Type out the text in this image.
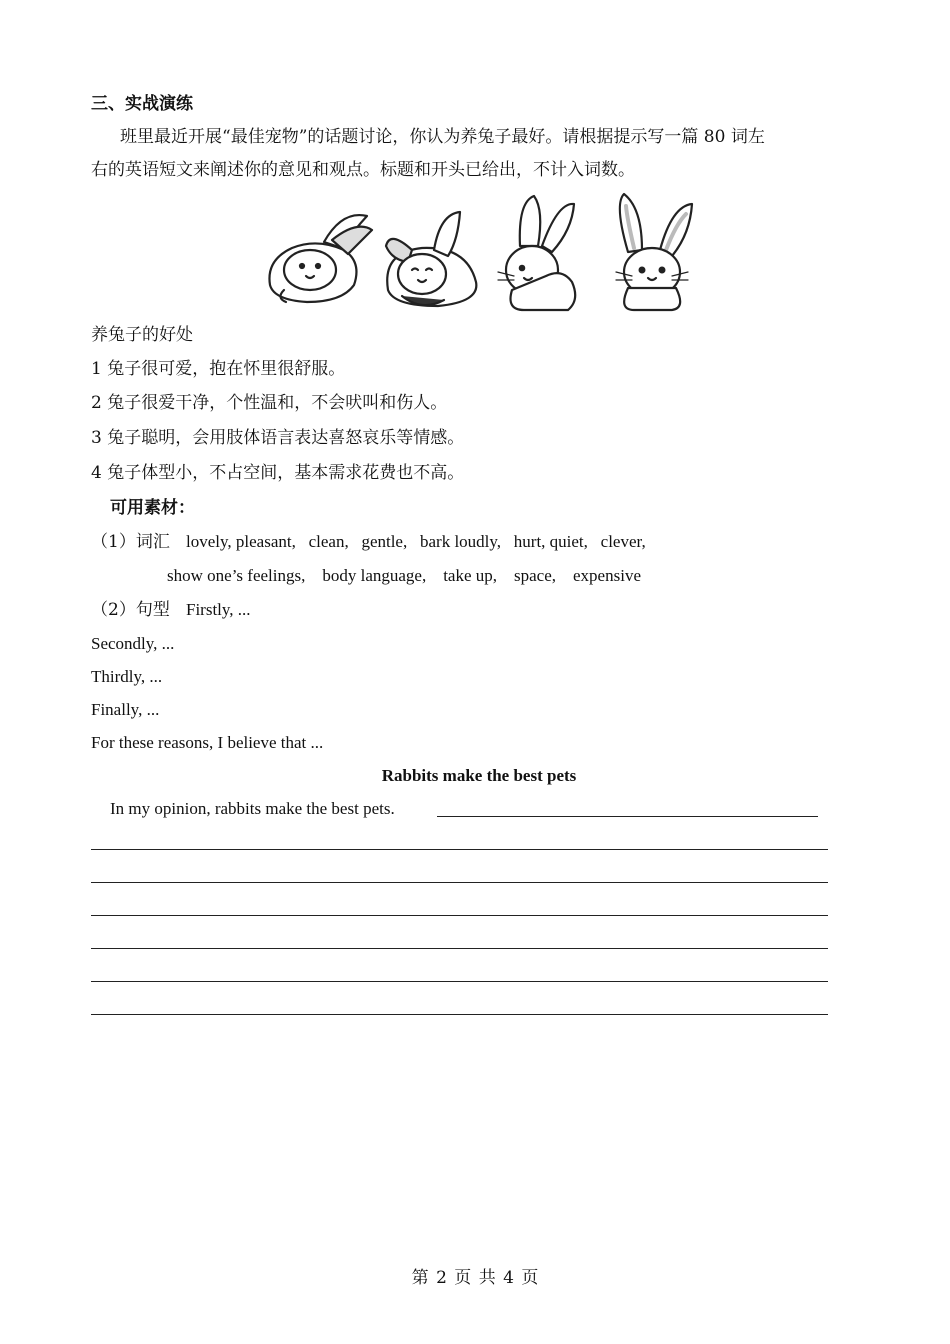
三、实战演练
班里最近开展“最佳宠物”的话题讨论，你认为养兔子最好。请根据提示写一篇 80 词左
右的英语短文来阐述你的意见和观点。标题和开头已给出，不计入词数。
养兔子的好处
1 兔子很可爱，抱在怀里很舒服。
2 兔子很爱干净，个性温和，不会吠叫和伤人。
3 兔子聪明，会用肢体语言表达喜怒哀乐等情感。
4 兔子体型小，不占空间，基本需求花费也不高。
可用素材：
（1）词汇 lovely, pleasant,   clean,   gentle,   bark loudly,   hurt, quiet,   clever,
show one’s feelings,    body language,    take up,    space,    expensive
（2）句型 Firstly, ...
Secondly, ...
Thirdly, ...
Finally, ...
For these reasons, I believe that ...
Rabbits make the best pets
In my opinion, rabbits make the best pets.
第 2 页 共 4 页
